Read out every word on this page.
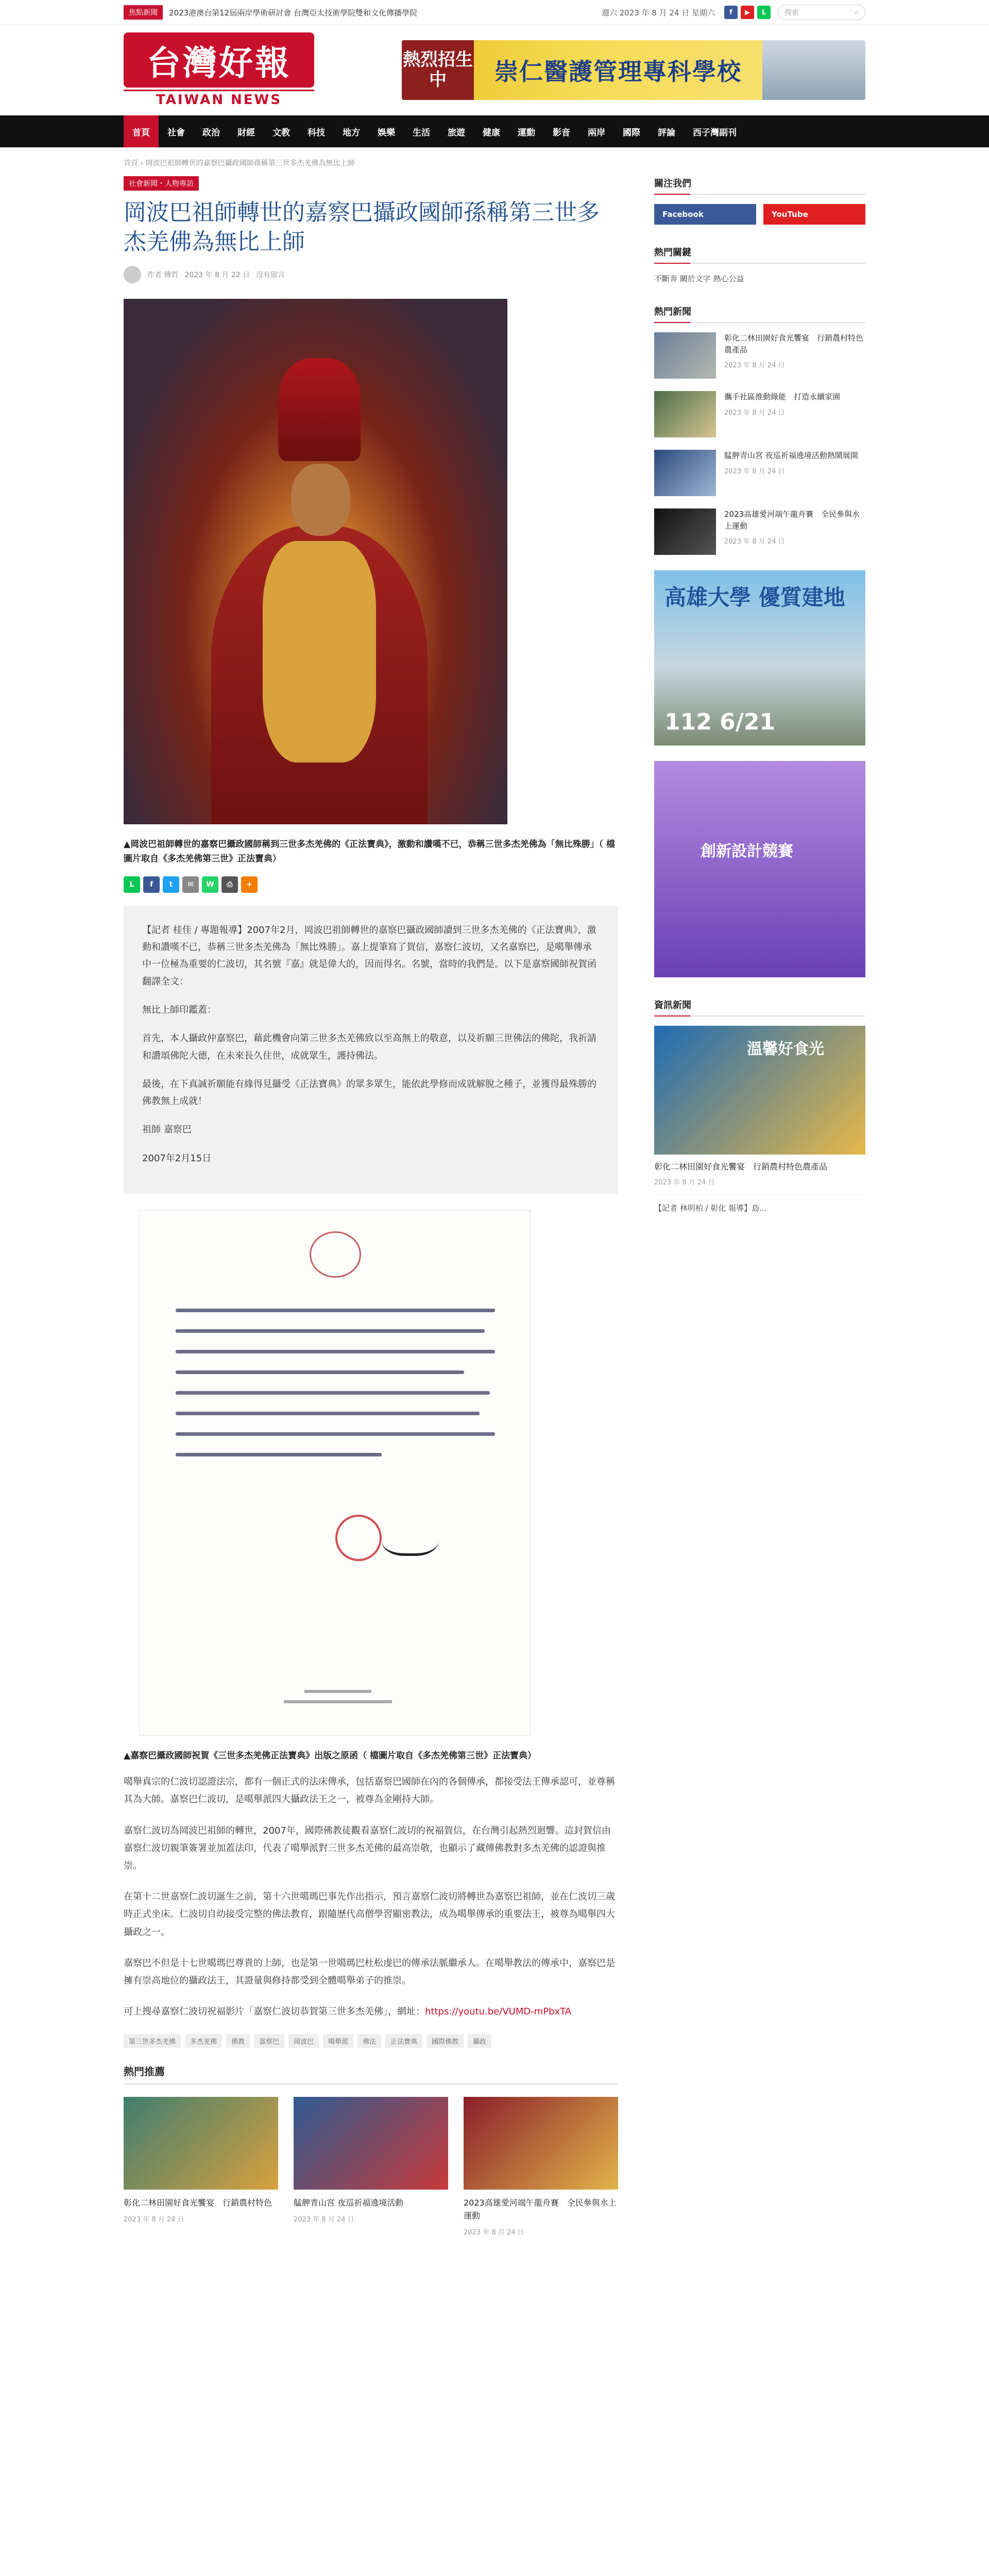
焦點新聞	2023港澳台第12屆兩岸學術研討會 台灣亞太技術學院雙和文化傳播學院	週六 2023 年 8 月 24 日 星期六	f	▶	L	搜索	⌕
台灣好報
TAIWAN NEWS
熱烈招生中	崇仁醫護管理專科學校
首頁	社會	政治	財經	文教	科技	地方	娛樂	生活	旅遊	健康	運動	影音	兩岸	國際	評論	西子灣副刊
首頁 › 岡波巴祖師轉世的嘉察巴攝政國師孫稱第三世多杰羌佛為無比上師
社會新聞・人物專訪
岡波巴祖師轉世的嘉察巴攝政國師孫稱第三世多杰羌佛為無比上師
作者 傳哲 2023 年 8 月 22 日 沒有留言
▲岡波巴祖師轉世的嘉察巴攝政國師稱到三世多杰羌佛的《正法寶典》，激動和讚嘆不已，恭稱三世多杰羌佛為「無比殊勝」（ 檔 圖片取自《多杰羌佛第三世》正法寶典）
L	f	t	✉	W	⎙	+

【記者 桂佳 / 專題報導】2007年2月，岡波巴祖師轉世的嘉察巴攝政國師讀到三世多杰羌佛的《正法寶典》，激動和讚嘆不已，恭稱三世多杰羌佛為「無比殊勝」。嘉上提筆寫了賀信，嘉察仁波切，又名嘉察巴，是噶舉傳承中一位極為重要的仁波切，其名號『嘉』就是偉大的，因而得名。名號，當時的我們是。以下是嘉察國師祝賀函翻譯全文：

無比上師印鑑蓋：

首先，本人攝政仲嘉察巴，藉此機會向第三世多杰羌佛致以至高無上的敬意，以及祈願三世佛法的佛陀，我祈請和讚頌佛陀大德，在未來長久住世，成就眾生，護持佛法。

最後，在下真誠祈願能有緣得見攝受《正法寶典》的眾多眾生，能依此學修而成就解脫之種子，並獲得最殊勝的佛教無上成就！

祖師 嘉察巴

2007年2月15日

▲嘉察巴攝政國師祝賀《三世多杰羌佛正法寶典》出版之原函（ 檔圖片取自《多杰羌佛第三世》正法寶典）

噶舉真宗的仁波切認證法宗，都有一個正式的法床傳承，包括嘉察巴國師在內的各個傳承，都接受法王傳承認可，並尊稱其為大師。嘉察巴仁波切，是噶舉派四大攝政法王之一，被尊為金剛持大師。

嘉察仁波切為岡波巴祖師的轉世，2007年，國際佛教徒觀看嘉察仁波切的祝福賀信，在台灣引起熱烈迴響。這封賀信由嘉察仁波切親筆簽署並加蓋法印，代表了噶舉派對三世多杰羌佛的最高崇敬，也顯示了藏傳佛教對多杰羌佛的認證與推崇。

在第十二世嘉察仁波切誕生之前，第十六世噶瑪巴事先作出指示，預言嘉察仁波切將轉世為嘉察巴祖師，並在仁波切三歲時正式坐床。仁波切自幼接受完整的佛法教育，跟隨歷代高僧學習顯密教法，成為噶舉傳承的重要法王，被尊為噶舉四大攝政之一。

嘉察巴不但是十七世噶瑪巴尊貴的上師，也是第一世噶瑪巴杜松虔巴的傳承法脈繼承人。在噶舉教法的傳承中，嘉察巴是擁有崇高地位的攝政法王，其證量與修持都受到全體噶舉弟子的推崇。

可上搜尋嘉察仁波切祝福影片「嘉察仁波切恭賀第三世多杰羌佛」，網址：https://youtu.be/VUMD-mPbxTA

第三世多杰羌佛	多杰羌佛	佛教	嘉察巴	岡波巴	噶舉派	佛法	正法寶典	國際佛教	攝政
熱門推薦
彰化二林田園好食光饗宴　行銷農村特色
2023 年 8 月 24 日
艋舺青山宮 夜巡祈福遶境活動
2023 年 8 月 24 日
2023高雄愛河端午龍舟賽　全民參與水上運動
2023 年 8 月 24 日
關注我們
Facebook	YouTube
熱門關鍵
不斷奔 關於文字 熱心公益
熱門新聞
彰化二林田園好食光饗宴　行銷農村特色農產品
2023 年 8 月 24 日
攜手社區推動綠能　打造永續家園
2023 年 8 月 24 日
艋舺青山宮 夜巡祈福遶境活動熱鬧展開
2023 年 8 月 24 日
2023高雄愛河端午龍舟賽　全民參與水上運動
2023 年 8 月 24 日
高雄大學 優質建地
112 6/21
創新設計競賽
資訊新聞
溫馨好食光
彰化二林田園好食光饗宴　行銷農村特色農產品
2023 年 8 月 24 日
【記者 林明柏 / 彰化 報導】島...
